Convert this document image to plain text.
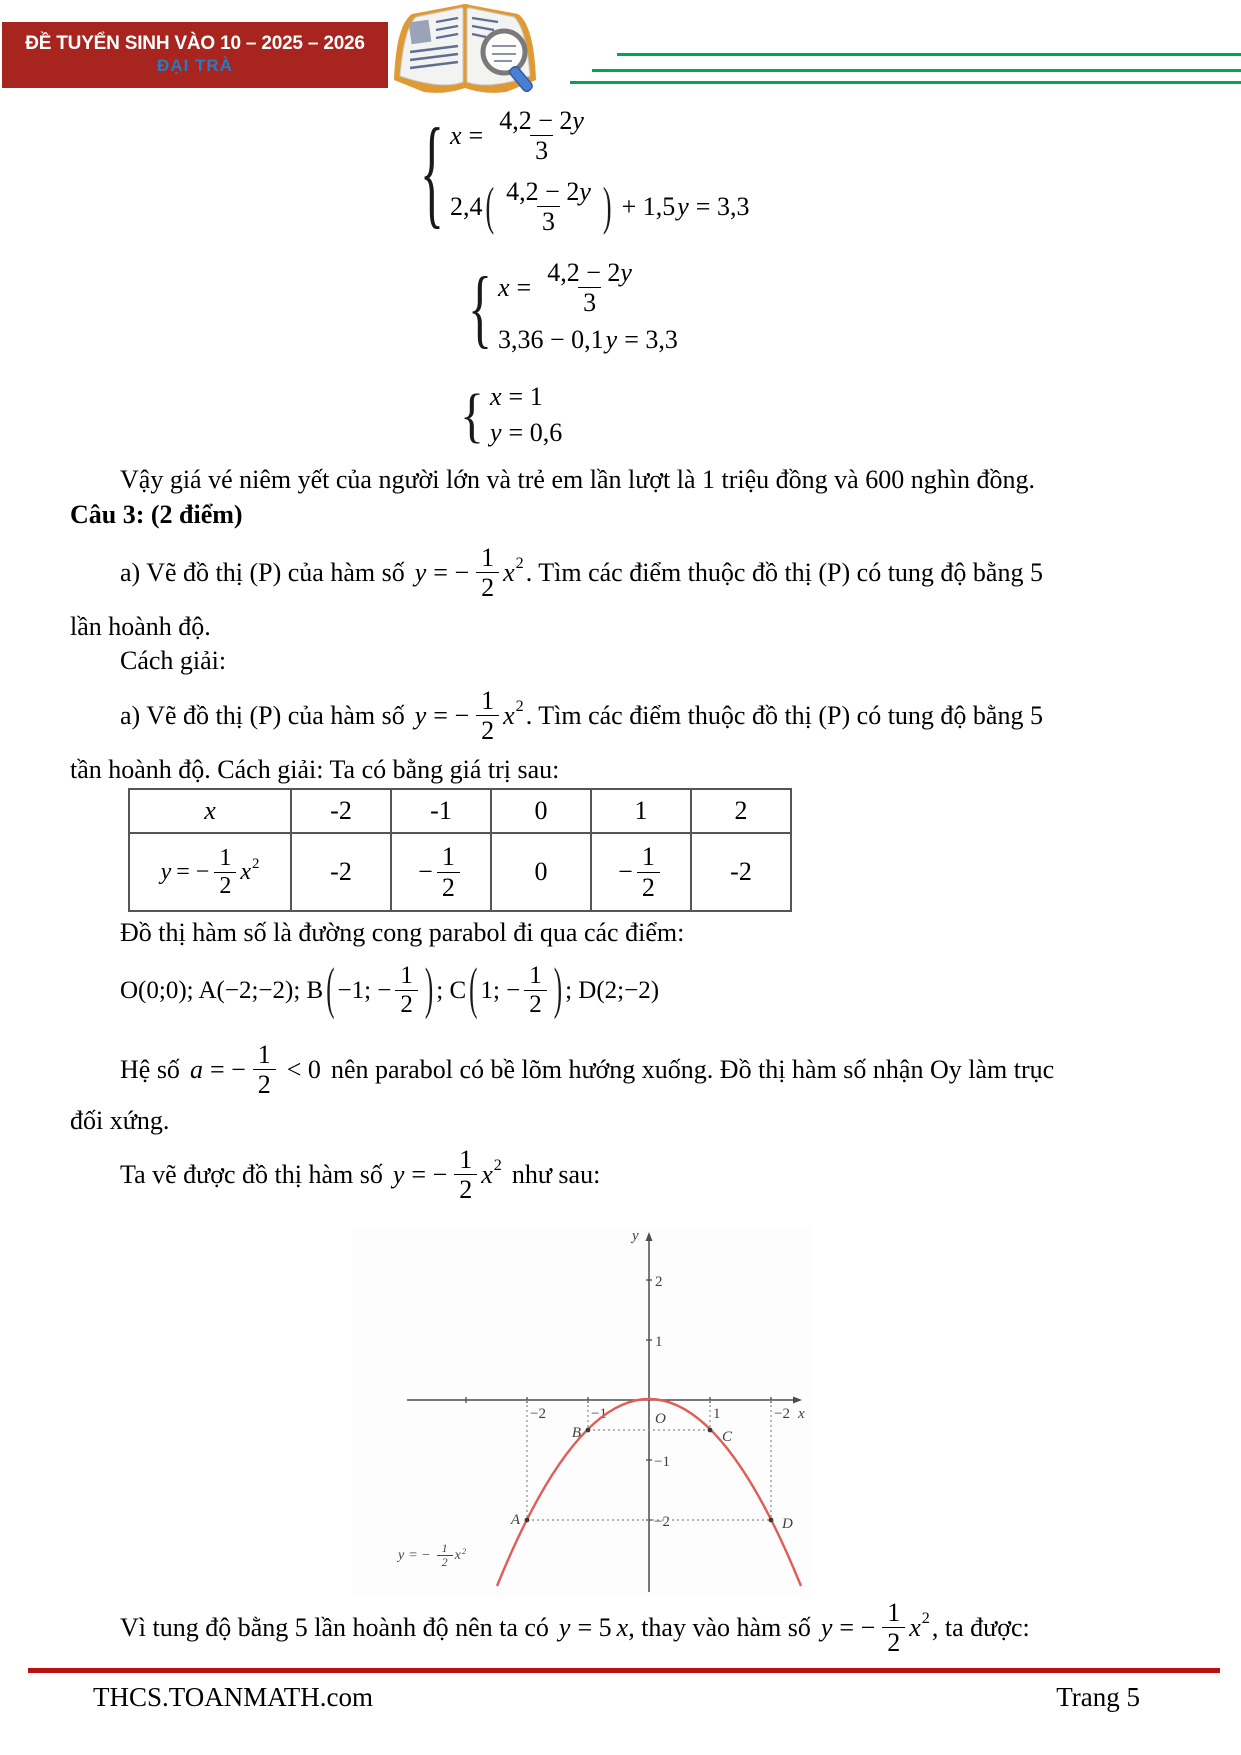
ĐỀ TUYỂN SINH VÀO 10 – 2025 – 2026
ĐẠI TRÀ
{ $x = \frac{4,2 - 2 y}{3}$
2,4 ( $\frac{4,2 - 2 y}{3}$ ) + 1,5 y = 3,3
{ $x = \frac{4,2 - 2 y}{3}$
3,36 − 0,1 y = 3,3
{ x = 1
y = 0,6
Vậy giá vé niêm yết của người lớn và trẻ em lần lượt là 1 triệu đồng và 600 nghìn đồng.
Câu 3: (2 điểm)
a) Vẽ đồ thị (P) của hàm số y = − $\frac{1}{2}$ x 2 . Tìm các điểm thuộc đồ thị (P) có tung độ bằng 5
lần hoành độ.
Cách giải:
a) Vẽ đồ thị (P) của hàm số y = − $\frac{1}{2}$ x 2 . Tìm các điểm thuộc đồ thị (P) có tung độ bằng 5
tần hoành độ. Cách giải: Ta có bằng giá trị sau:
x	-2	-1	0	1	2

y = − $\frac{1}{2}$ x 2	-2	− $\frac{1}{2}$	0	− $\frac{1}{2}$	-2
Đồ thị hàm số là đường cong parabol đi qua các điểm:
O(0;0); A(−2;−2); B ( −1; − $\frac{1}{2}$ ) ; C ( 1; − $\frac{1}{2}$ ) ; D(2;−2)
Hệ số a = − $\frac{1}{2} < 0$ nên parabol có bề lõm hướng xuống. Đồ thị hàm số nhận Oy làm trục
đối xứng.
Ta vẽ được đồ thị hàm số y = − $\frac{1}{2}$ x 2 như sau:
x
y
−2	−1	1	−2
O
2
1
−1
−2
A
B	C
D
y = − $\frac{1}{2}$ x 2
Vì tung độ bằng 5 lần hoành độ nên ta có y = 5 x , thay vào hàm số y = − $\frac{1}{2}$ x 2 , ta được:
THCS.TOANMATH.com	Trang 5
